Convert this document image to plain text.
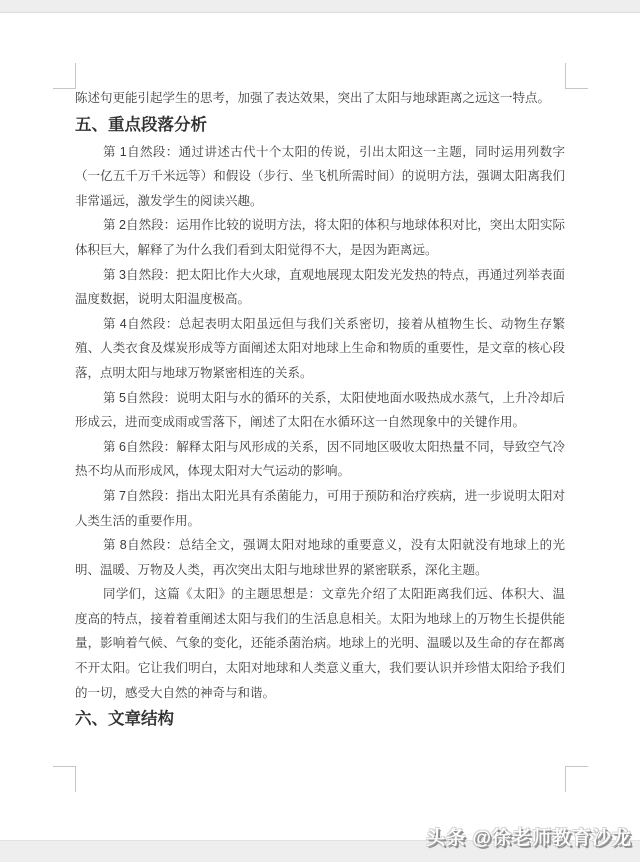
陈述句更能引起学生的思考，加强了表达效果，突出了太阳与地球距离之远这一特点。

五、重点段落分析

第 1自然段：通过讲述古代十个太阳的传说，引出太阳这一主题，同时运用列数字（一亿五千万千米远等）和假设（步行、坐飞机所需时间）的说明方法，强调太阳离我们非常遥远，激发学生的阅读兴趣。

第 2自然段：运用作比较的说明方法，将太阳的体积与地球体积对比，突出太阳实际体积巨大，解释了为什么我们看到太阳觉得不大，是因为距离远。

第 3自然段：把太阳比作大火球，直观地展现太阳发光发热的特点，再通过列举表面温度数据，说明太阳温度极高。

第 4自然段：总起表明太阳虽远但与我们关系密切，接着从植物生长、动物生存繁殖、人类衣食及煤炭形成等方面阐述太阳对地球上生命和物质的重要性，是文章的核心段落，点明太阳与地球万物紧密相连的关系。

第 5自然段：说明太阳与水的循环的关系，太阳使地面水吸热成水蒸气，上升冷却后形成云，进而变成雨或雪落下，阐述了太阳在水循环这一自然现象中的关键作用。

第 6自然段：解释太阳与风形成的关系，因不同地区吸收太阳热量不同，导致空气冷热不均从而形成风，体现太阳对大气运动的影响。

第 7自然段：指出太阳光具有杀菌能力，可用于预防和治疗疾病，进一步说明太阳对人类生活的重要作用。

第 8自然段：总结全文，强调太阳对地球的重要意义，没有太阳就没有地球上的光明、温暖、万物及人类，再次突出太阳与地球世界的紧密联系，深化主题。

同学们，这篇《太阳》的主题思想是：文章先介绍了太阳距离我们远、体积大、温度高的特点，接着着重阐述太阳与我们的生活息息相关。太阳为地球上的万物生长提供能量，影响着气候、气象的变化，还能杀菌治病。地球上的光明、温暖以及生命的存在都离不开太阳。它让我们明白，太阳对地球和人类意义重大，我们要认识并珍惜太阳给予我们的一切，感受大自然的神奇与和谐。

六、文章结构
头条 @徐老师教育沙龙
